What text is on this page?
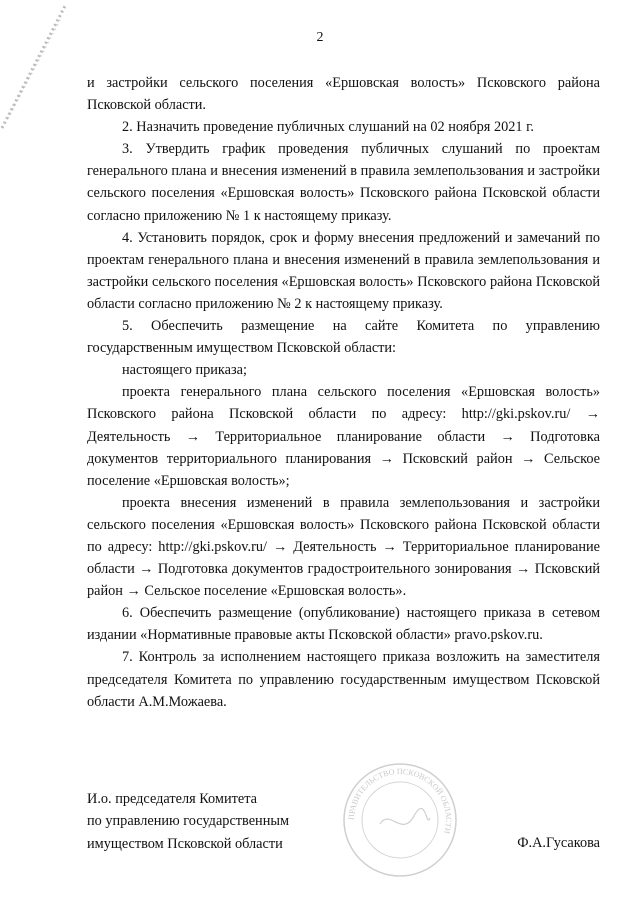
2

и застройки сельского поселения «Ершовская волость» Псковского района Псковской области.

2. Назначить проведение публичных слушаний на 02 ноября 2021 г.

3. Утвердить график проведения публичных слушаний по проектам генерального плана и внесения изменений в правила землепользования и застройки сельского поселения «Ершовская волость» Псковского района Псковской области согласно приложению № 1 к настоящему приказу.

4. Установить порядок, срок и форму внесения предложений и замечаний по проектам генерального плана и внесения изменений в правила землепользования и застройки сельского поселения «Ершовская волость» Псковского района Псковской области согласно приложению № 2 к настоящему приказу.

5. Обеспечить размещение на сайте Комитета по управлению государственным имуществом Псковской области:

настоящего приказа;

проекта генерального плана сельского поселения «Ершовская волость» Псковского района Псковской области по адресу: http://gki.pskov.ru/ → Деятельность → Территориальное планирование области → Подготовка документов территориального планирования → Псковский район → Сельское поселение «Ершовская волость»;

проекта внесения изменений в правила землепользования и застройки сельского поселения «Ершовская волость» Псковского района Псковской области по адресу: http://gki.pskov.ru/ → Деятельность → Территориальное планирование области → Подготовка документов градостроительного зонирования → Псковский район → Сельское поселение «Ершовская волость».

6. Обеспечить размещение (опубликование) настоящего приказа в сетевом издании «Нормативные правовые акты Псковской области» pravo.pskov.ru.

7. Контроль за исполнением настоящего приказа возложить на заместителя председателя Комитета по управлению государственным имуществом Псковской области А.М.Можаева.

И.о. председателя Комитета
по управлению государственным
имуществом Псковской области
ПРАВИТЕЛЬСТВО ПСКОВСКОЙ ОБЛАСТИ
Ф.А.Гусакова
